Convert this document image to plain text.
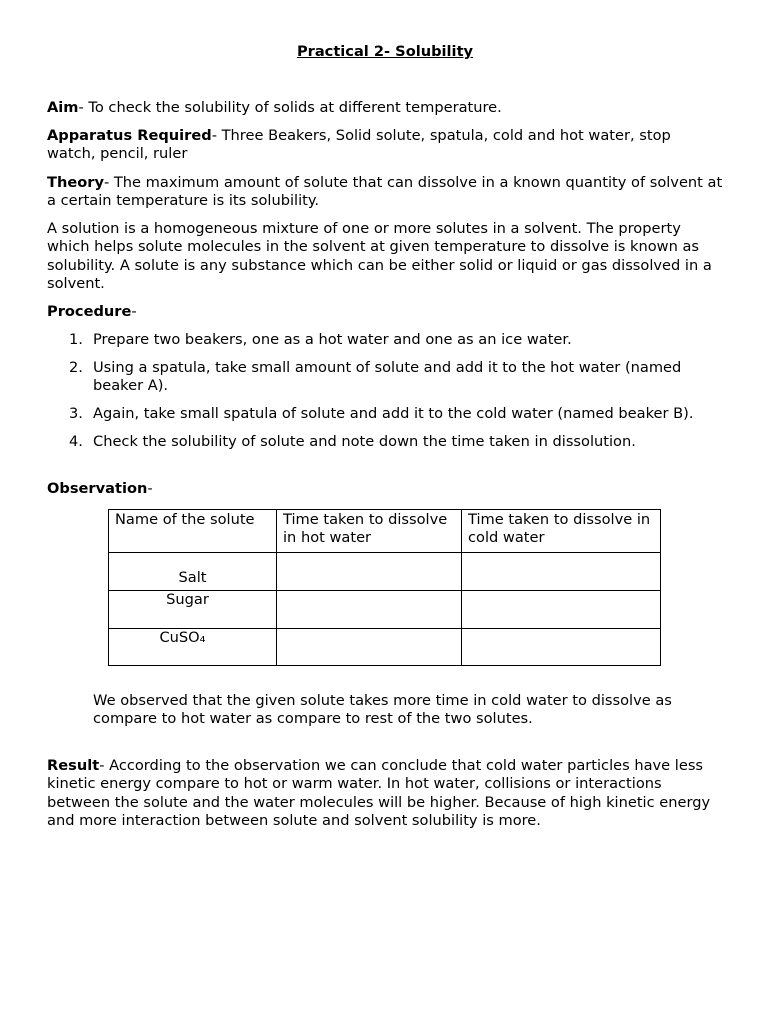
Practical 2- Solubility

Aim- To check the solubility of solids at different temperature.

Apparatus Required- Three Beakers, Solid solute, spatula, cold and hot water, stop watch, pencil, ruler

Theory- The maximum amount of solute that can dissolve in a known quantity of solvent at a certain temperature is its solubility.

A solution is a homogeneous mixture of one or more solutes in a solvent. The property which helps solute molecules in the solvent at given temperature to dissolve is known as solubility. A solute is any substance which can be either solid or liquid or gas dissolved in a solvent.

Procedure-

1. Prepare two beakers, one as a hot water and one as an ice water.
2. Using a spatula, take small amount of solute and add it to the hot water (named beaker A).
3. Again, take small spatula of solute and add it to the cold water (named beaker B).
4. Check the solubility of solute and note down the time taken in dissolution.

Observation-

Name of the solute	Time taken to dissolve in hot water	Time taken to dissolve in cold water

Salt		

Sugar		

CuSO₄		

We observed that the given solute takes more time in cold water to dissolve as compare to hot water as compare to rest of the two solutes.

Result- According to the observation we can conclude that cold water particles have less kinetic energy compare to hot or warm water. In hot water, collisions or interactions between the solute and the water molecules will be higher. Because of high kinetic energy and more interaction between solute and solvent solubility is more.
